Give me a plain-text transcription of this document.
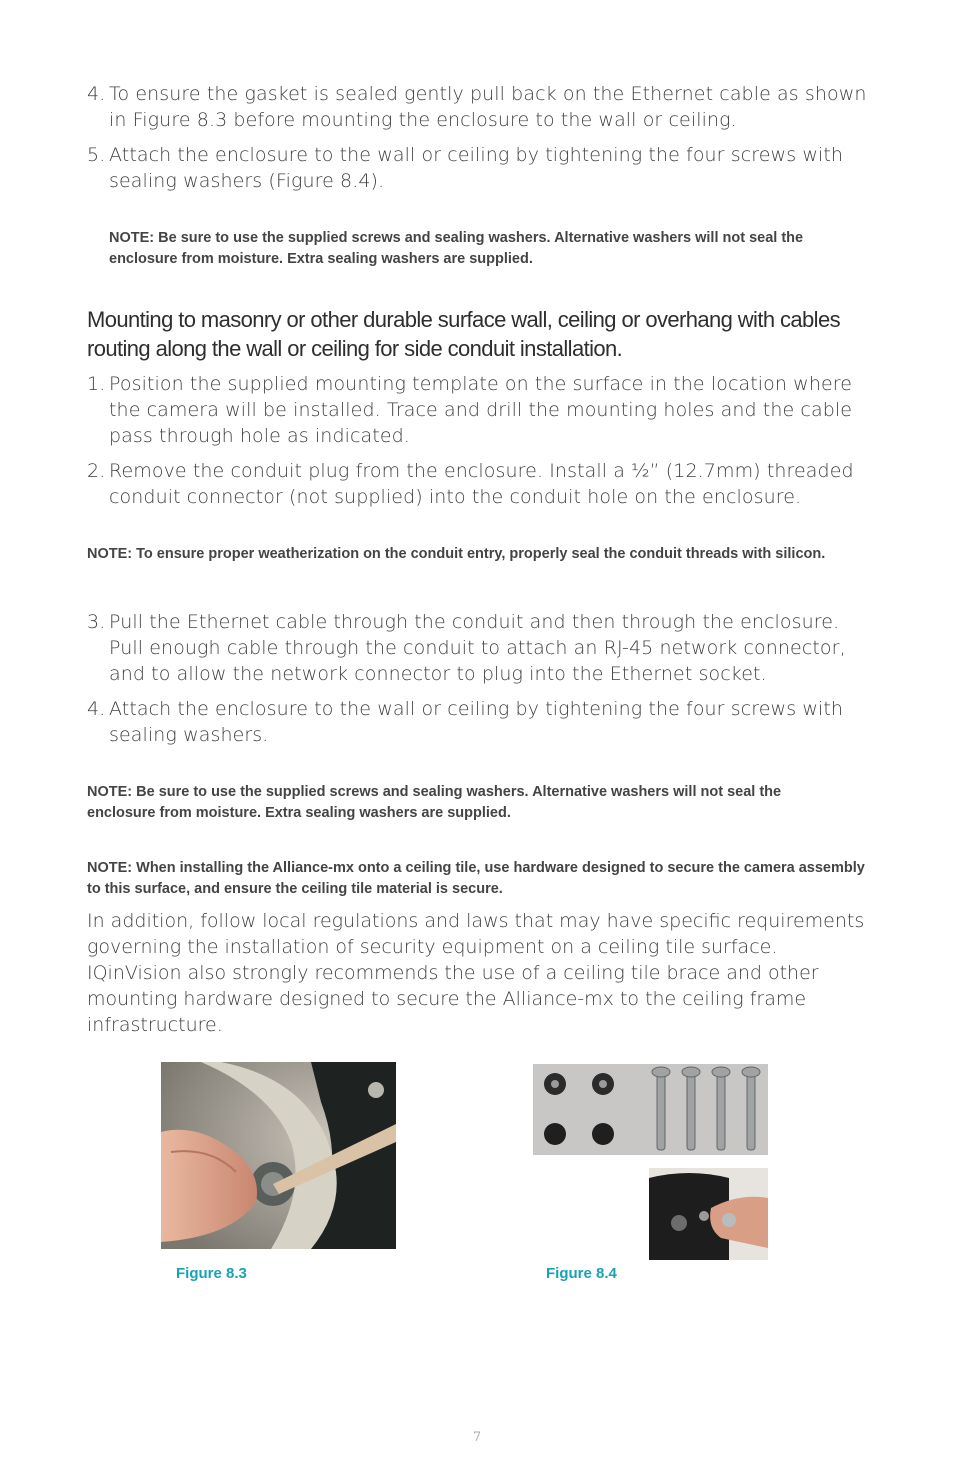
4. To ensure the gasket is sealed gently pull back on the Ethernet cable as shown in Figure 8.3 before mounting the enclosure to the wall or ceiling.
5. Attach the enclosure to the wall or ceiling by tightening the four screws with sealing washers (Figure 8.4).
NOTE: Be sure to use the supplied screws and sealing washers. Alternative washers will not seal the enclosure from moisture. Extra sealing washers are supplied.
Mounting to masonry or other durable surface wall, ceiling or overhang with cables routing along the wall or ceiling for side conduit installation.
1. Position the supplied mounting template on the surface in the location where the camera will be installed. Trace and drill the mounting holes and the cable pass through hole as indicated.
2. Remove the conduit plug from the enclosure. Install a ½” (12.7mm) threaded conduit connector (not supplied) into the conduit hole on the enclosure.
NOTE: To ensure proper weatherization on the conduit entry, properly seal the conduit threads with silicon.
3. Pull the Ethernet cable through the conduit and then through the enclosure. Pull enough cable through the conduit to attach an RJ-45 network connector, and to allow the network connector to plug into the Ethernet socket.
4. Attach the enclosure to the wall or ceiling by tightening the four screws with sealing washers.
NOTE: Be sure to use the supplied screws and sealing washers. Alternative washers will not seal the enclosure from moisture. Extra sealing washers are supplied.
NOTE: When installing the Alliance-mx onto a ceiling tile, use hardware designed to secure the camera assembly to this surface, and ensure the ceiling tile material is secure.
In addition, follow local regulations and laws that may have specific requirements governing the installation of security equipment on a ceiling tile surface. IQinVision also strongly recommends the use of a ceiling tile brace and other mounting hardware designed to secure the Alliance-mx to the ceiling frame infrastructure.
Figure 8.3	Figure 8.4
7
